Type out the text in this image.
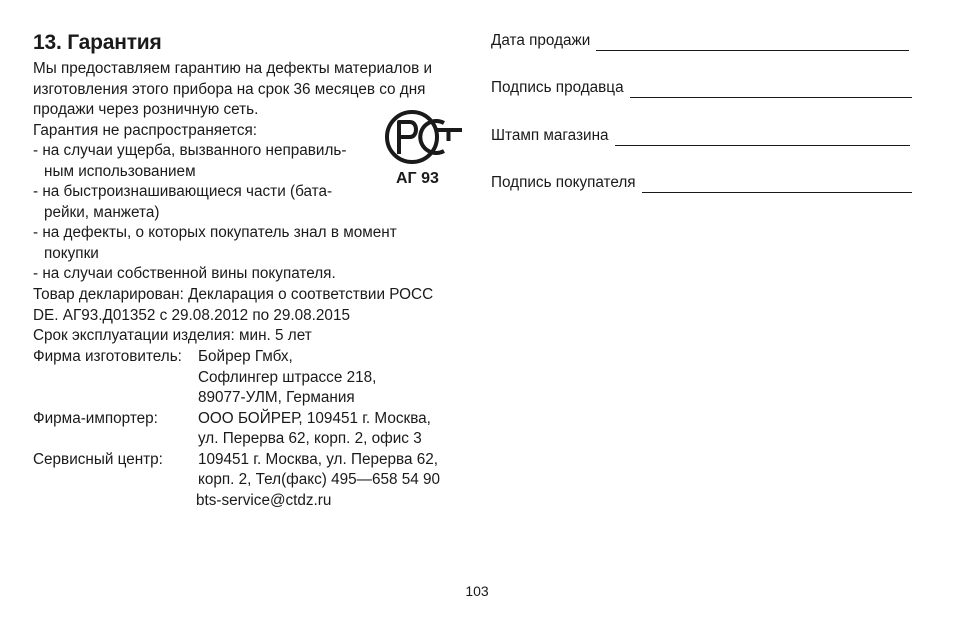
13. Гарантия
Мы предоставляем гарантию на дефекты материалов и
изготовления этого прибора на срок 36 месяцев со дня
продажи через розничную сеть.
Гарантия не распространяется:
- на случаи ущерба, вызванного неправиль-
ным использованием
- на быстроизнашивающиеся части (бата-
рейки, манжета)
- на дефекты, о которых покупатель знал в момент
покупки
- на случаи собственной вины покупателя.
Товар декларирован: Декларация о соответствии РОСС
DE. АГ93.Д01352 с 29.08.2012 по 29.08.2015
Срок эксплуатации изделия: мин. 5 лет
Фирма изготовитель: Бойрер Гмбх,
Софлингер штрассе 218,
89077-УЛМ, Германия
Фирма-импортер:	ООО БОЙРЕР, 109451 г. Москва,
ул. Перерва 62, корп. 2, офис 3
Сервисный центр: 109451 г. Москва, ул. Перерва 62,
корп. 2, Тел(факс) 495—658 54 90
bts-service@ctdz.ru
АГ 93
Дата продажи
Подпись продавца
Штамп магазина
Подпись покупателя
103
